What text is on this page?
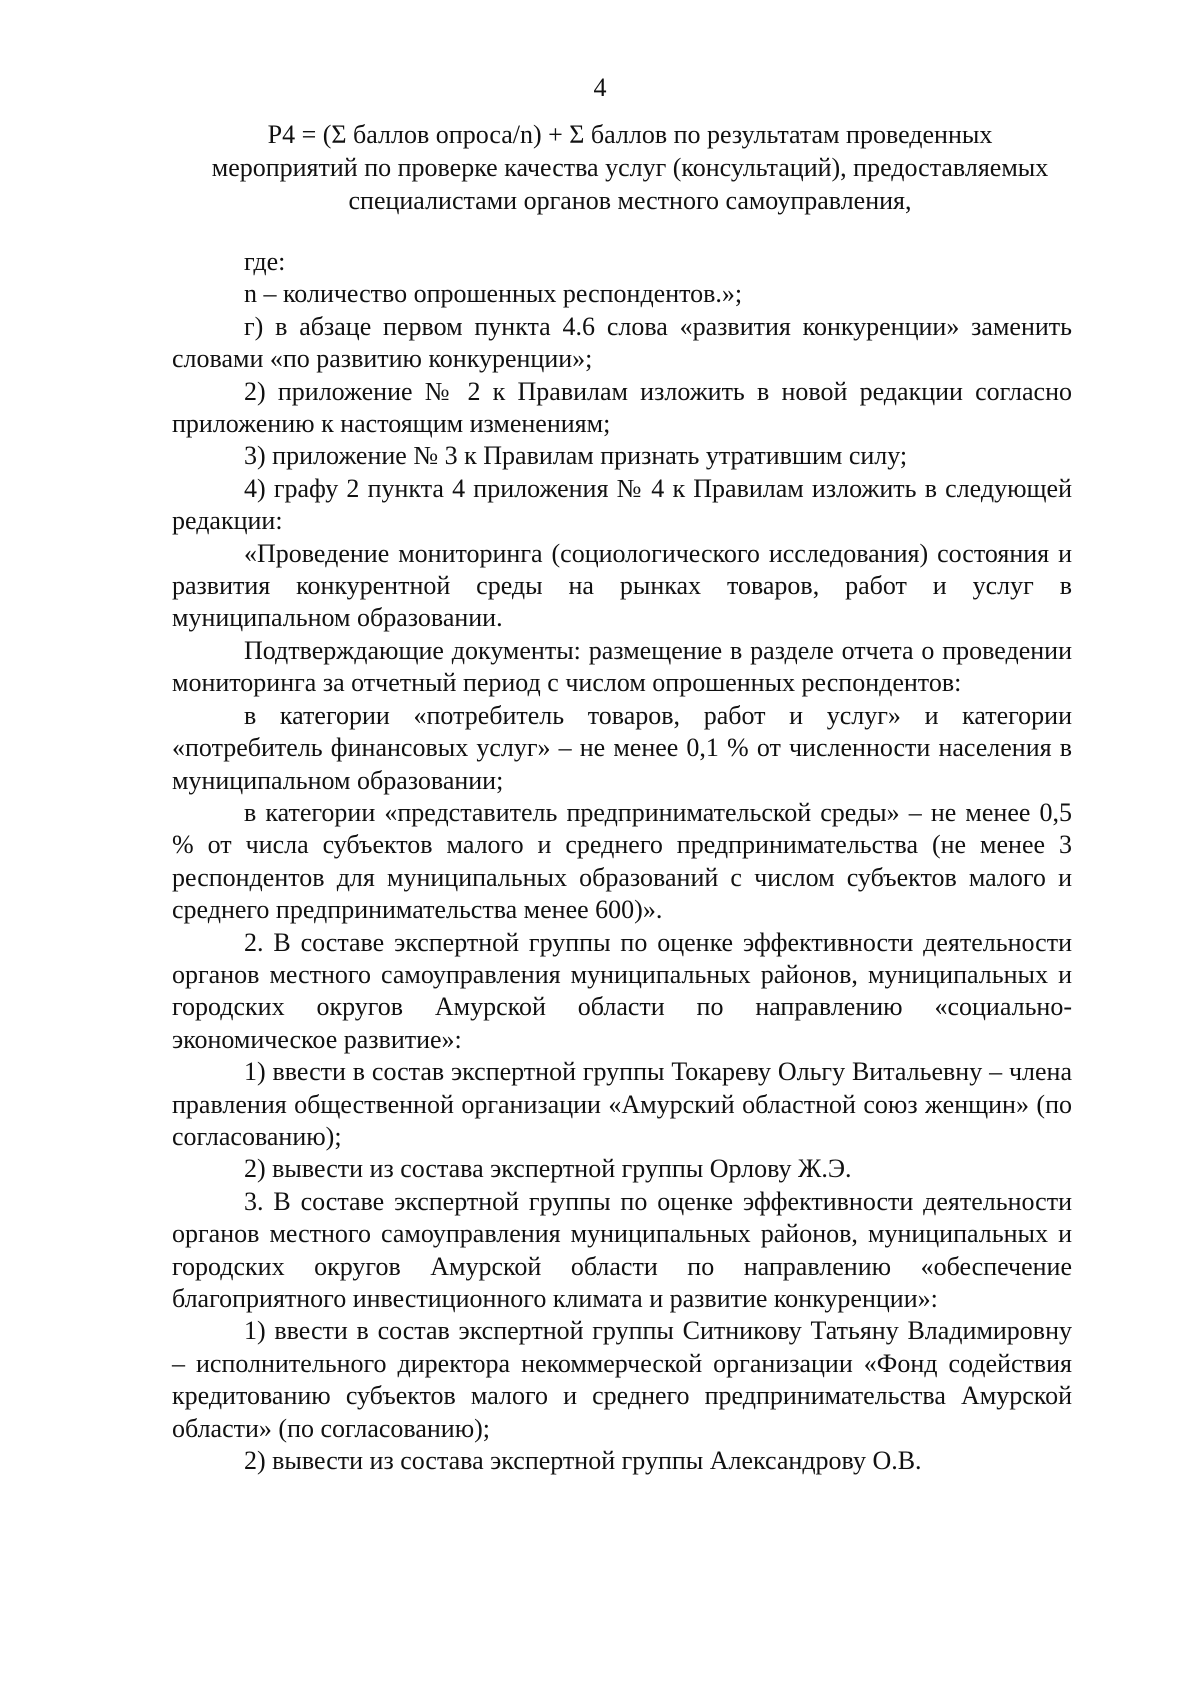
4
Р4 = (Σ баллов опроса/n) + Σ баллов по результатам проведенных мероприятий по проверке качества услуг (консультаций), предоставляемых специалистами органов местного самоуправления,

где:

n – количество опрошенных респондентов.»;

г) в абзаце первом пункта 4.6 слова «развития конкуренции» заменить словами «по развитию конкуренции»;

2) приложение № 2 к Правилам изложить в новой редакции согласно приложению к настоящим изменениям;

3) приложение № 3 к Правилам признать утратившим силу;

4) графу 2 пункта 4 приложения № 4 к Правилам изложить в следующей редакции:

«Проведение мониторинга (социологического исследования) состояния и развития конкурентной среды на рынках товаров, работ и услуг в муниципальном образовании.

Подтверждающие документы: размещение в разделе отчета о проведении мониторинга за отчетный период с числом опрошенных респондентов:

в категории «потребитель товаров, работ и услуг» и категории «потребитель финансовых услуг» – не менее 0,1 % от численности населения в муниципальном образовании;

в категории «представитель предпринимательской среды» – не менее 0,5 % от числа субъектов малого и среднего предпринимательства (не менее 3 респондентов для муниципальных образований с числом субъектов малого и среднего предпринимательства менее 600)».

2. В составе экспертной группы по оценке эффективности деятельности органов местного самоуправления муниципальных районов, муниципальных и городских округов Амурской области по направлению «социально-экономическое развитие»:

1) ввести в состав экспертной группы Токареву Ольгу Витальевну – члена правления общественной организации «Амурский областной союз женщин» (по согласованию);

2) вывести из состава экспертной группы Орлову Ж.Э.

3. В составе экспертной группы по оценке эффективности деятельности органов местного самоуправления муниципальных районов, муниципальных и городских округов Амурской области по направлению «обеспечение благоприятного инвестиционного климата и развитие конкуренции»:

1) ввести в состав экспертной группы Ситникову Татьяну Владимировну – исполнительного директора некоммерческой организации «Фонд содействия кредитованию субъектов малого и среднего предпринимательства Амурской области» (по согласованию);

2) вывести из состава экспертной группы Александрову О.В.
